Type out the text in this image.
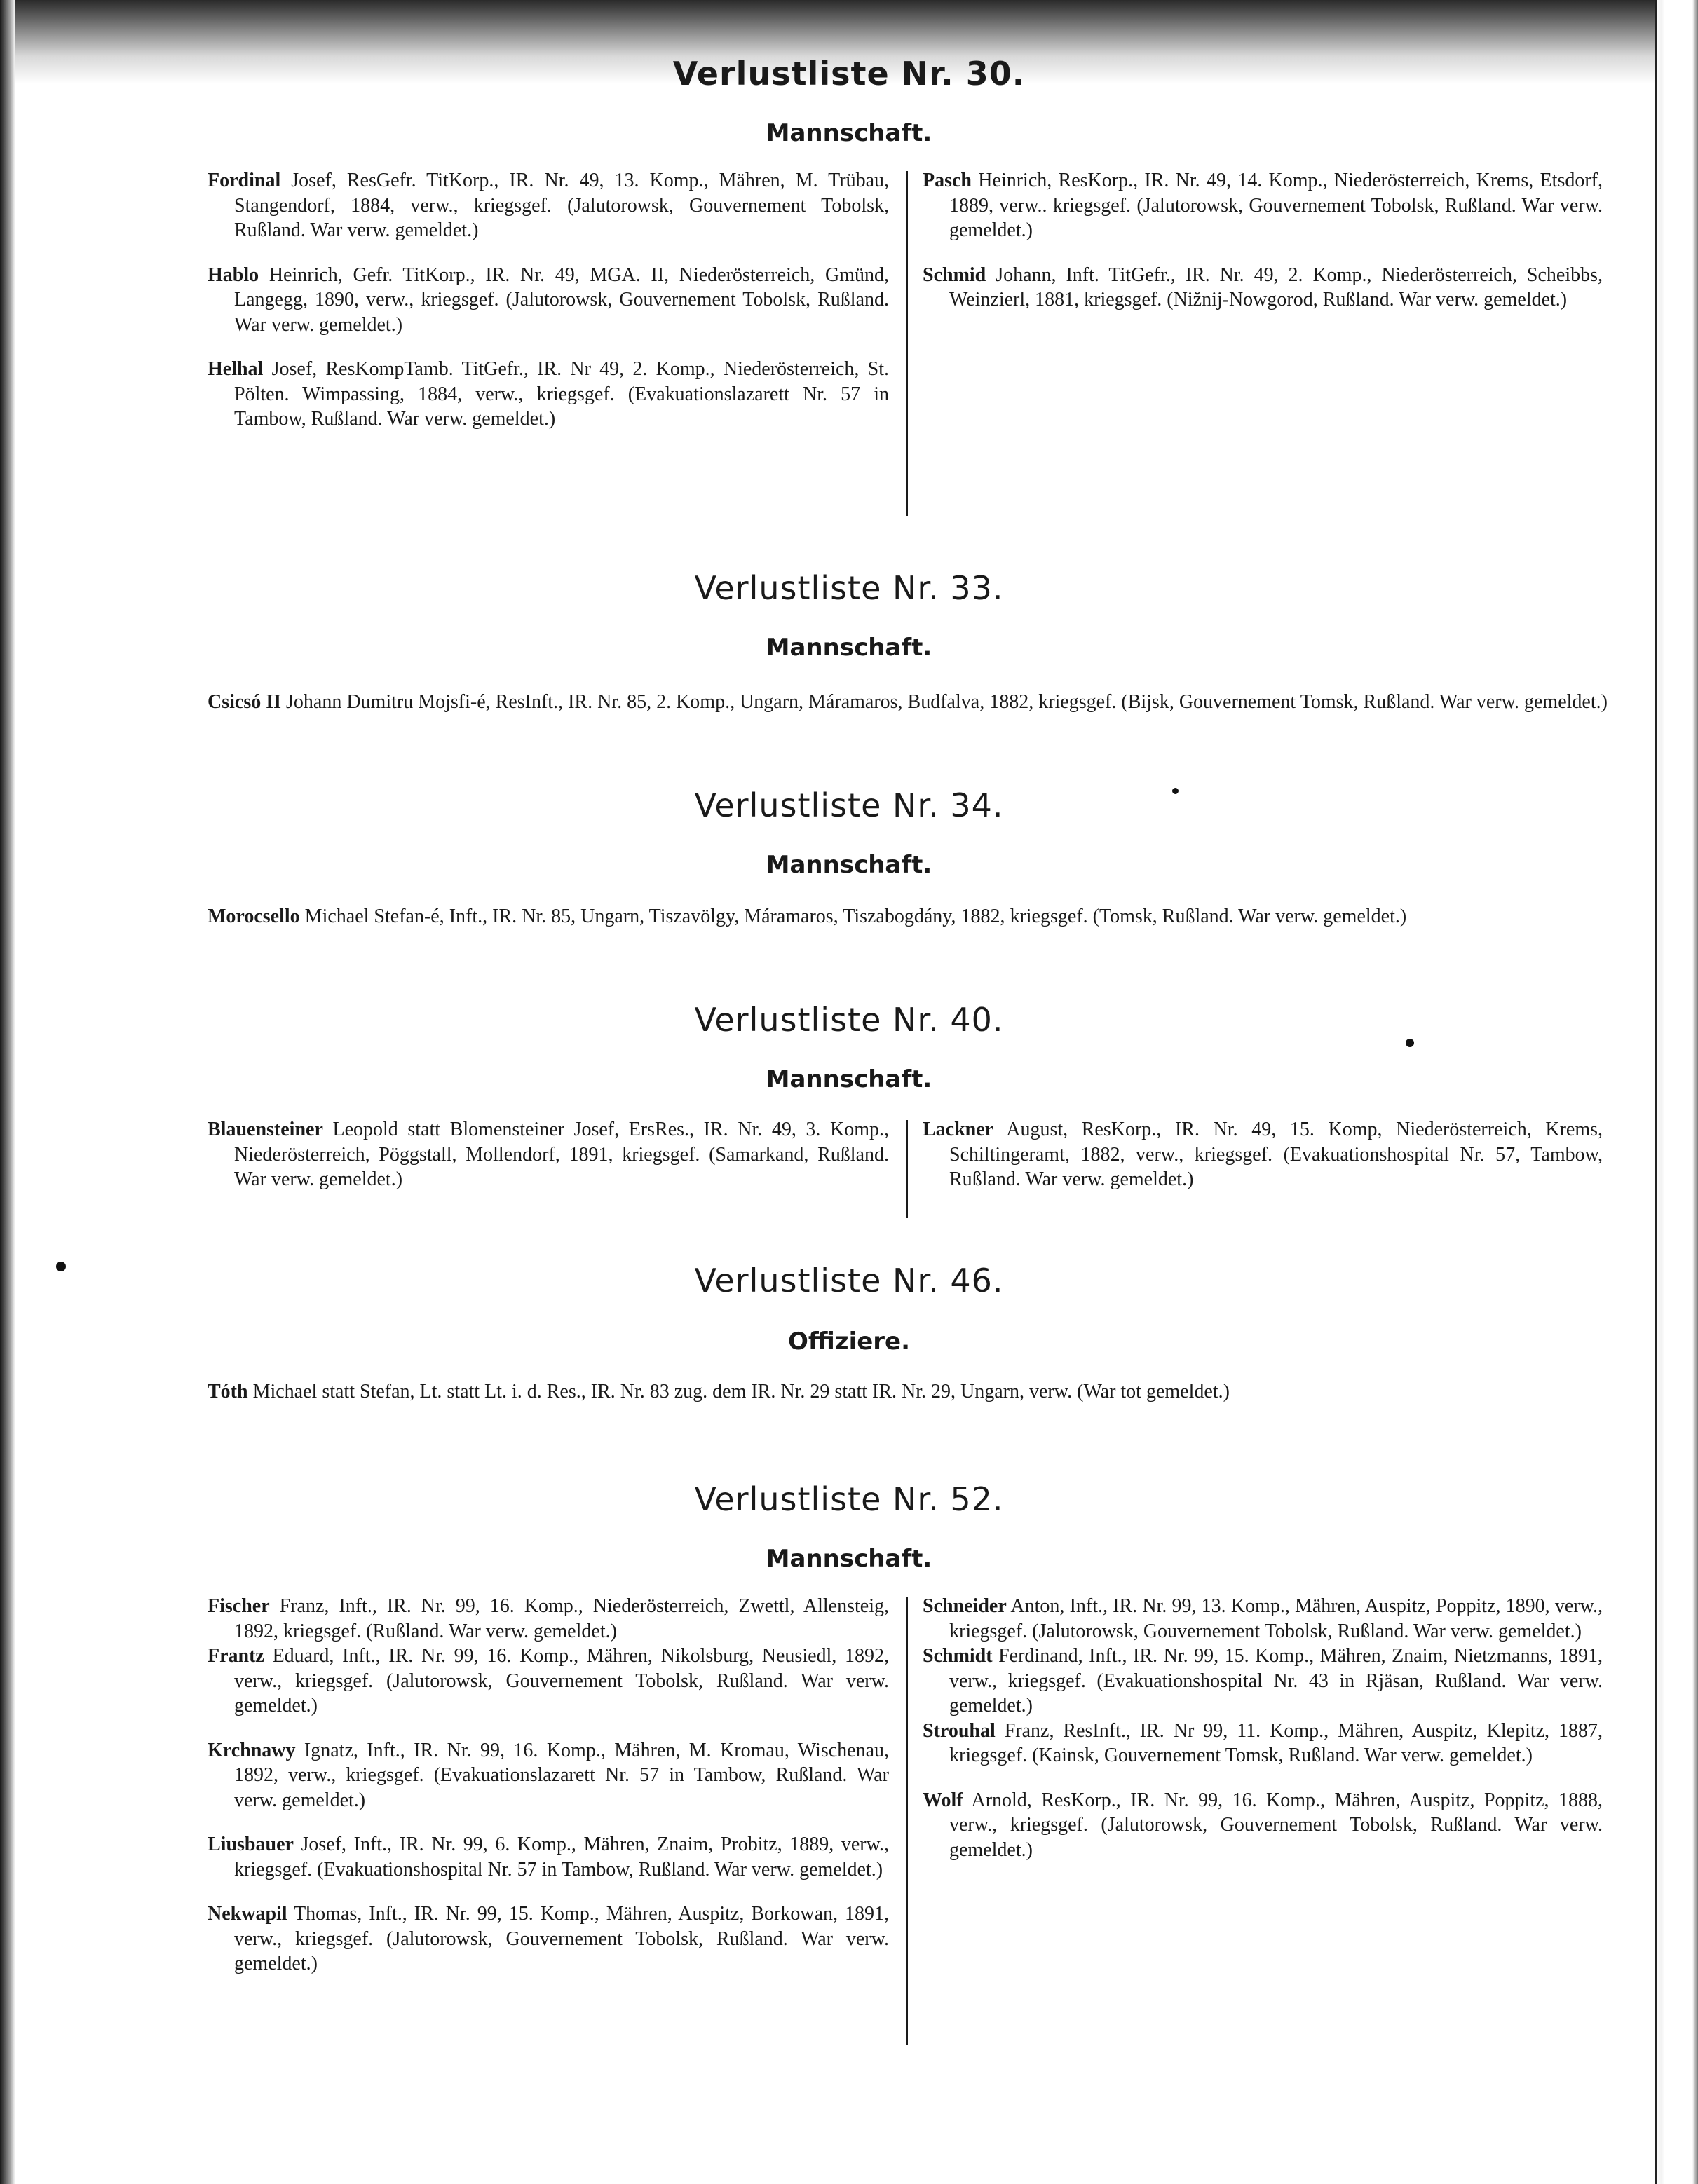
Verlustliste Nr. 30.
Mannschaft.

Fordinal Josef, ResGefr. TitKorp., IR. Nr. 49, 13. Komp., Mähren, M. Trübau, Stangendorf, 1884, verw., kriegsgef. (Jalutorowsk, Gouvernement Tobolsk, Rußland. War verw. gemeldet.)

Hablo Heinrich, Gefr. TitKorp., IR. Nr. 49, MGA. II, Niederösterreich, Gmünd, Langegg, 1890, verw., kriegsgef. (Jalutorowsk, Gouvernement Tobolsk, Rußland. War verw. gemeldet.)

Helhal Josef, ResKompTamb. TitGefr., IR. Nr 49, 2. Komp., Niederösterreich, St. Pölten. Wimpassing, 1884, verw., kriegsgef. (Evakuationslazarett Nr. 57 in Tambow, Rußland. War verw. gemeldet.)

Pasch Heinrich, ResKorp., IR. Nr. 49, 14. Komp., Niederösterreich, Krems, Etsdorf, 1889, verw.. kriegsgef. (Jalutorowsk, Gouvernement Tobolsk, Rußland. War verw. gemeldet.)

Schmid Johann, Inft. TitGefr., IR. Nr. 49, 2. Komp., Niederösterreich, Scheibbs, Weinzierl, 1881, kriegsgef. (Nižnij-Nowgorod, Rußland. War verw. gemeldet.)

Verlustliste Nr. 33.
Mannschaft.

Csicsó II Johann Dumitru Mojsfi-é, ResInft., IR. Nr. 85, 2. Komp., Ungarn, Máramaros, Budfalva, 1882, kriegsgef. (Bijsk, Gouvernement Tomsk, Rußland. War verw. gemeldet.)

Verlustliste Nr. 34.
Mannschaft.

Morocsello Michael Stefan-é, Inft., IR. Nr. 85, Ungarn, Tiszavölgy, Máramaros, Tiszabogdány, 1882, kriegsgef. (Tomsk, Rußland. War verw. gemeldet.)

Verlustliste Nr. 40.
Mannschaft.

Blauensteiner Leopold statt Blomensteiner Josef, ErsRes., IR. Nr. 49, 3. Komp., Niederösterreich, Pöggstall, Mollendorf, 1891, kriegsgef. (Samarkand, Rußland. War verw. gemeldet.)

Lackner August, ResKorp., IR. Nr. 49, 15. Komp, Niederösterreich, Krems, Schiltingeramt, 1882, verw., kriegsgef. (Evakuationshospital Nr. 57, Tambow, Rußland. War verw. gemeldet.)

Verlustliste Nr. 46.
Offiziere.

Tóth Michael statt Stefan, Lt. statt Lt. i. d. Res., IR. Nr. 83 zug. dem IR. Nr. 29 statt IR. Nr. 29, Ungarn, verw. (War tot gemeldet.)

Verlustliste Nr. 52.
Mannschaft.

Fischer Franz, Inft., IR. Nr. 99, 16. Komp., Niederösterreich, Zwettl, Allensteig, 1892, kriegsgef. (Rußland. War verw. gemeldet.)

Frantz Eduard, Inft., IR. Nr. 99, 16. Komp., Mähren, Nikolsburg, Neusiedl, 1892, verw., kriegsgef. (Jalutorowsk, Gouvernement Tobolsk, Rußland. War verw. gemeldet.)

Krchnawy Ignatz, Inft., IR. Nr. 99, 16. Komp., Mähren, M. Kromau, Wischenau, 1892, verw., kriegsgef. (Evakuationslazarett Nr. 57 in Tambow, Rußland. War verw. gemeldet.)

Liusbauer Josef, Inft., IR. Nr. 99, 6. Komp., Mähren, Znaim, Probitz, 1889, verw., kriegsgef. (Evakuationshospital Nr. 57 in Tambow, Rußland. War verw. gemeldet.)

Nekwapil Thomas, Inft., IR. Nr. 99, 15. Komp., Mähren, Auspitz, Borkowan, 1891, verw., kriegsgef. (Jalutorowsk, Gouvernement Tobolsk, Rußland. War verw. gemeldet.)

Schneider Anton, Inft., IR. Nr. 99, 13. Komp., Mähren, Auspitz, Poppitz, 1890, verw., kriegsgef. (Jalutorowsk, Gouvernement Tobolsk, Rußland. War verw. gemeldet.)

Schmidt Ferdinand, Inft., IR. Nr. 99, 15. Komp., Mähren, Znaim, Nietzmanns, 1891, verw., kriegsgef. (Evakuationshospital Nr. 43 in Rjäsan, Rußland. War verw. gemeldet.)

Strouhal Franz, ResInft., IR. Nr 99, 11. Komp., Mähren, Auspitz, Klepitz, 1887, kriegsgef. (Kainsk, Gouvernement Tomsk, Rußland. War verw. gemeldet.)

Wolf Arnold, ResKorp., IR. Nr. 99, 16. Komp., Mähren, Auspitz, Poppitz, 1888, verw., kriegsgef. (Jalutorowsk, Gouvernement Tobolsk, Rußland. War verw. gemeldet.)
